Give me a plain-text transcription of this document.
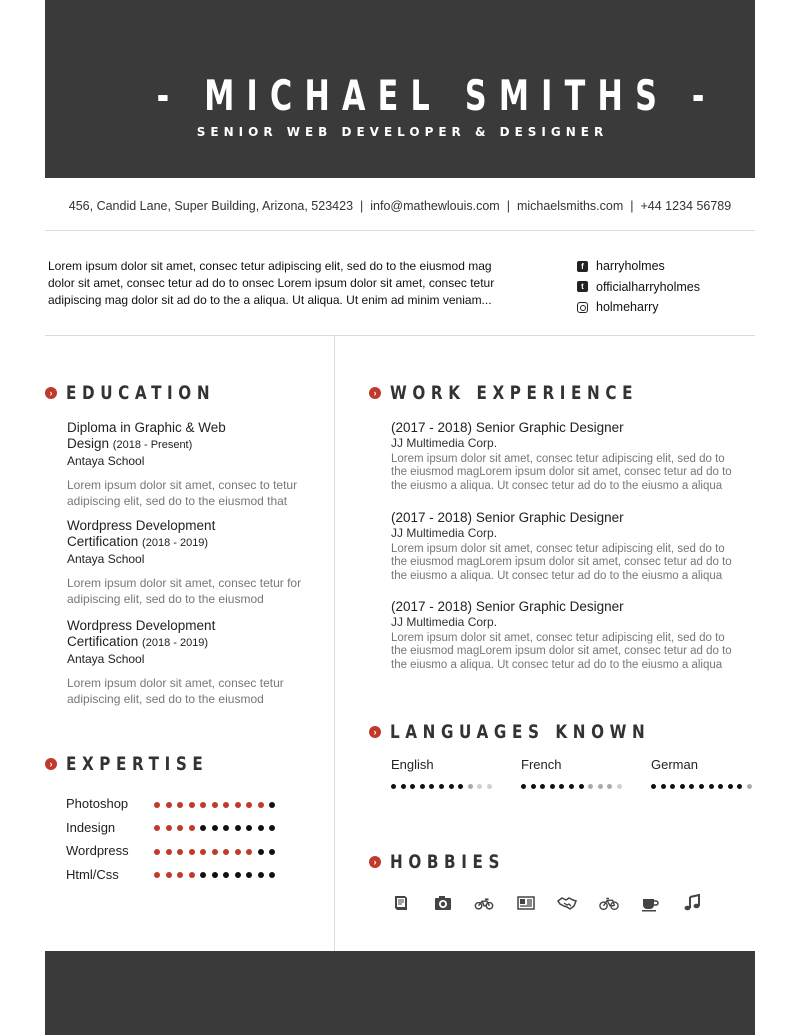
- MICHAEL SMITHS -
SENIOR WEB DEVELOPER & DESIGNER
456, Candid Lane, Super Building, Arizona, 523423 | info@mathewlouis.com | michaelsmiths.com | +44 1234 56789
Lorem ipsum dolor sit amet, consec tetur adipiscing elit, sed do to the eiusmod mag dolor sit amet, consec tetur ad do to onsec Lorem ipsum dolor sit amet, consec tetur adipiscing mag dolor sit ad do to the a aliqua. Ut aliqua. Ut enim ad minim veniam...
f harryholmes
t officialharryholmes
holmeharry
› EDUCATION
Diploma in Graphic & Web
Design (2018 - Present)
Antaya School
Lorem ipsum dolor sit amet, consec to tetur adipiscing elit, sed do to the eiusmod that
Wordpress Development
Certification (2018 - 2019)
Antaya School
Lorem ipsum dolor sit amet, consec tetur for adipiscing elit, sed do to the eiusmod
Wordpress Development
Certification (2018 - 2019)
Antaya School
Lorem ipsum dolor sit amet, consec tetur adipiscing elit, sed do to the eiusmod
› EXPERTISE
Photoshop
Indesign
Wordpress
Html/Css
› WORK EXPERIENCE
(2017 - 2018) Senior Graphic Designer
JJ Multimedia Corp.
Lorem ipsum dolor sit amet, consec tetur adipiscing elit, sed do to
the eiusmod magLorem ipsum dolor sit amet, consec tetur ad do to
the eiusmo a aliqua. Ut consec tetur ad do to the eiusmo a aliqua
(2017 - 2018) Senior Graphic Designer
JJ Multimedia Corp.
Lorem ipsum dolor sit amet, consec tetur adipiscing elit, sed do to
the eiusmod magLorem ipsum dolor sit amet, consec tetur ad do to
the eiusmo a aliqua. Ut consec tetur ad do to the eiusmo a aliqua
(2017 - 2018) Senior Graphic Designer
JJ Multimedia Corp.
Lorem ipsum dolor sit amet, consec tetur adipiscing elit, sed do to
the eiusmod magLorem ipsum dolor sit amet, consec tetur ad do to
the eiusmo a aliqua. Ut consec tetur ad do to the eiusmo a aliqua
› LANGUAGES KNOWN
English	French	German
› HOBBIES
